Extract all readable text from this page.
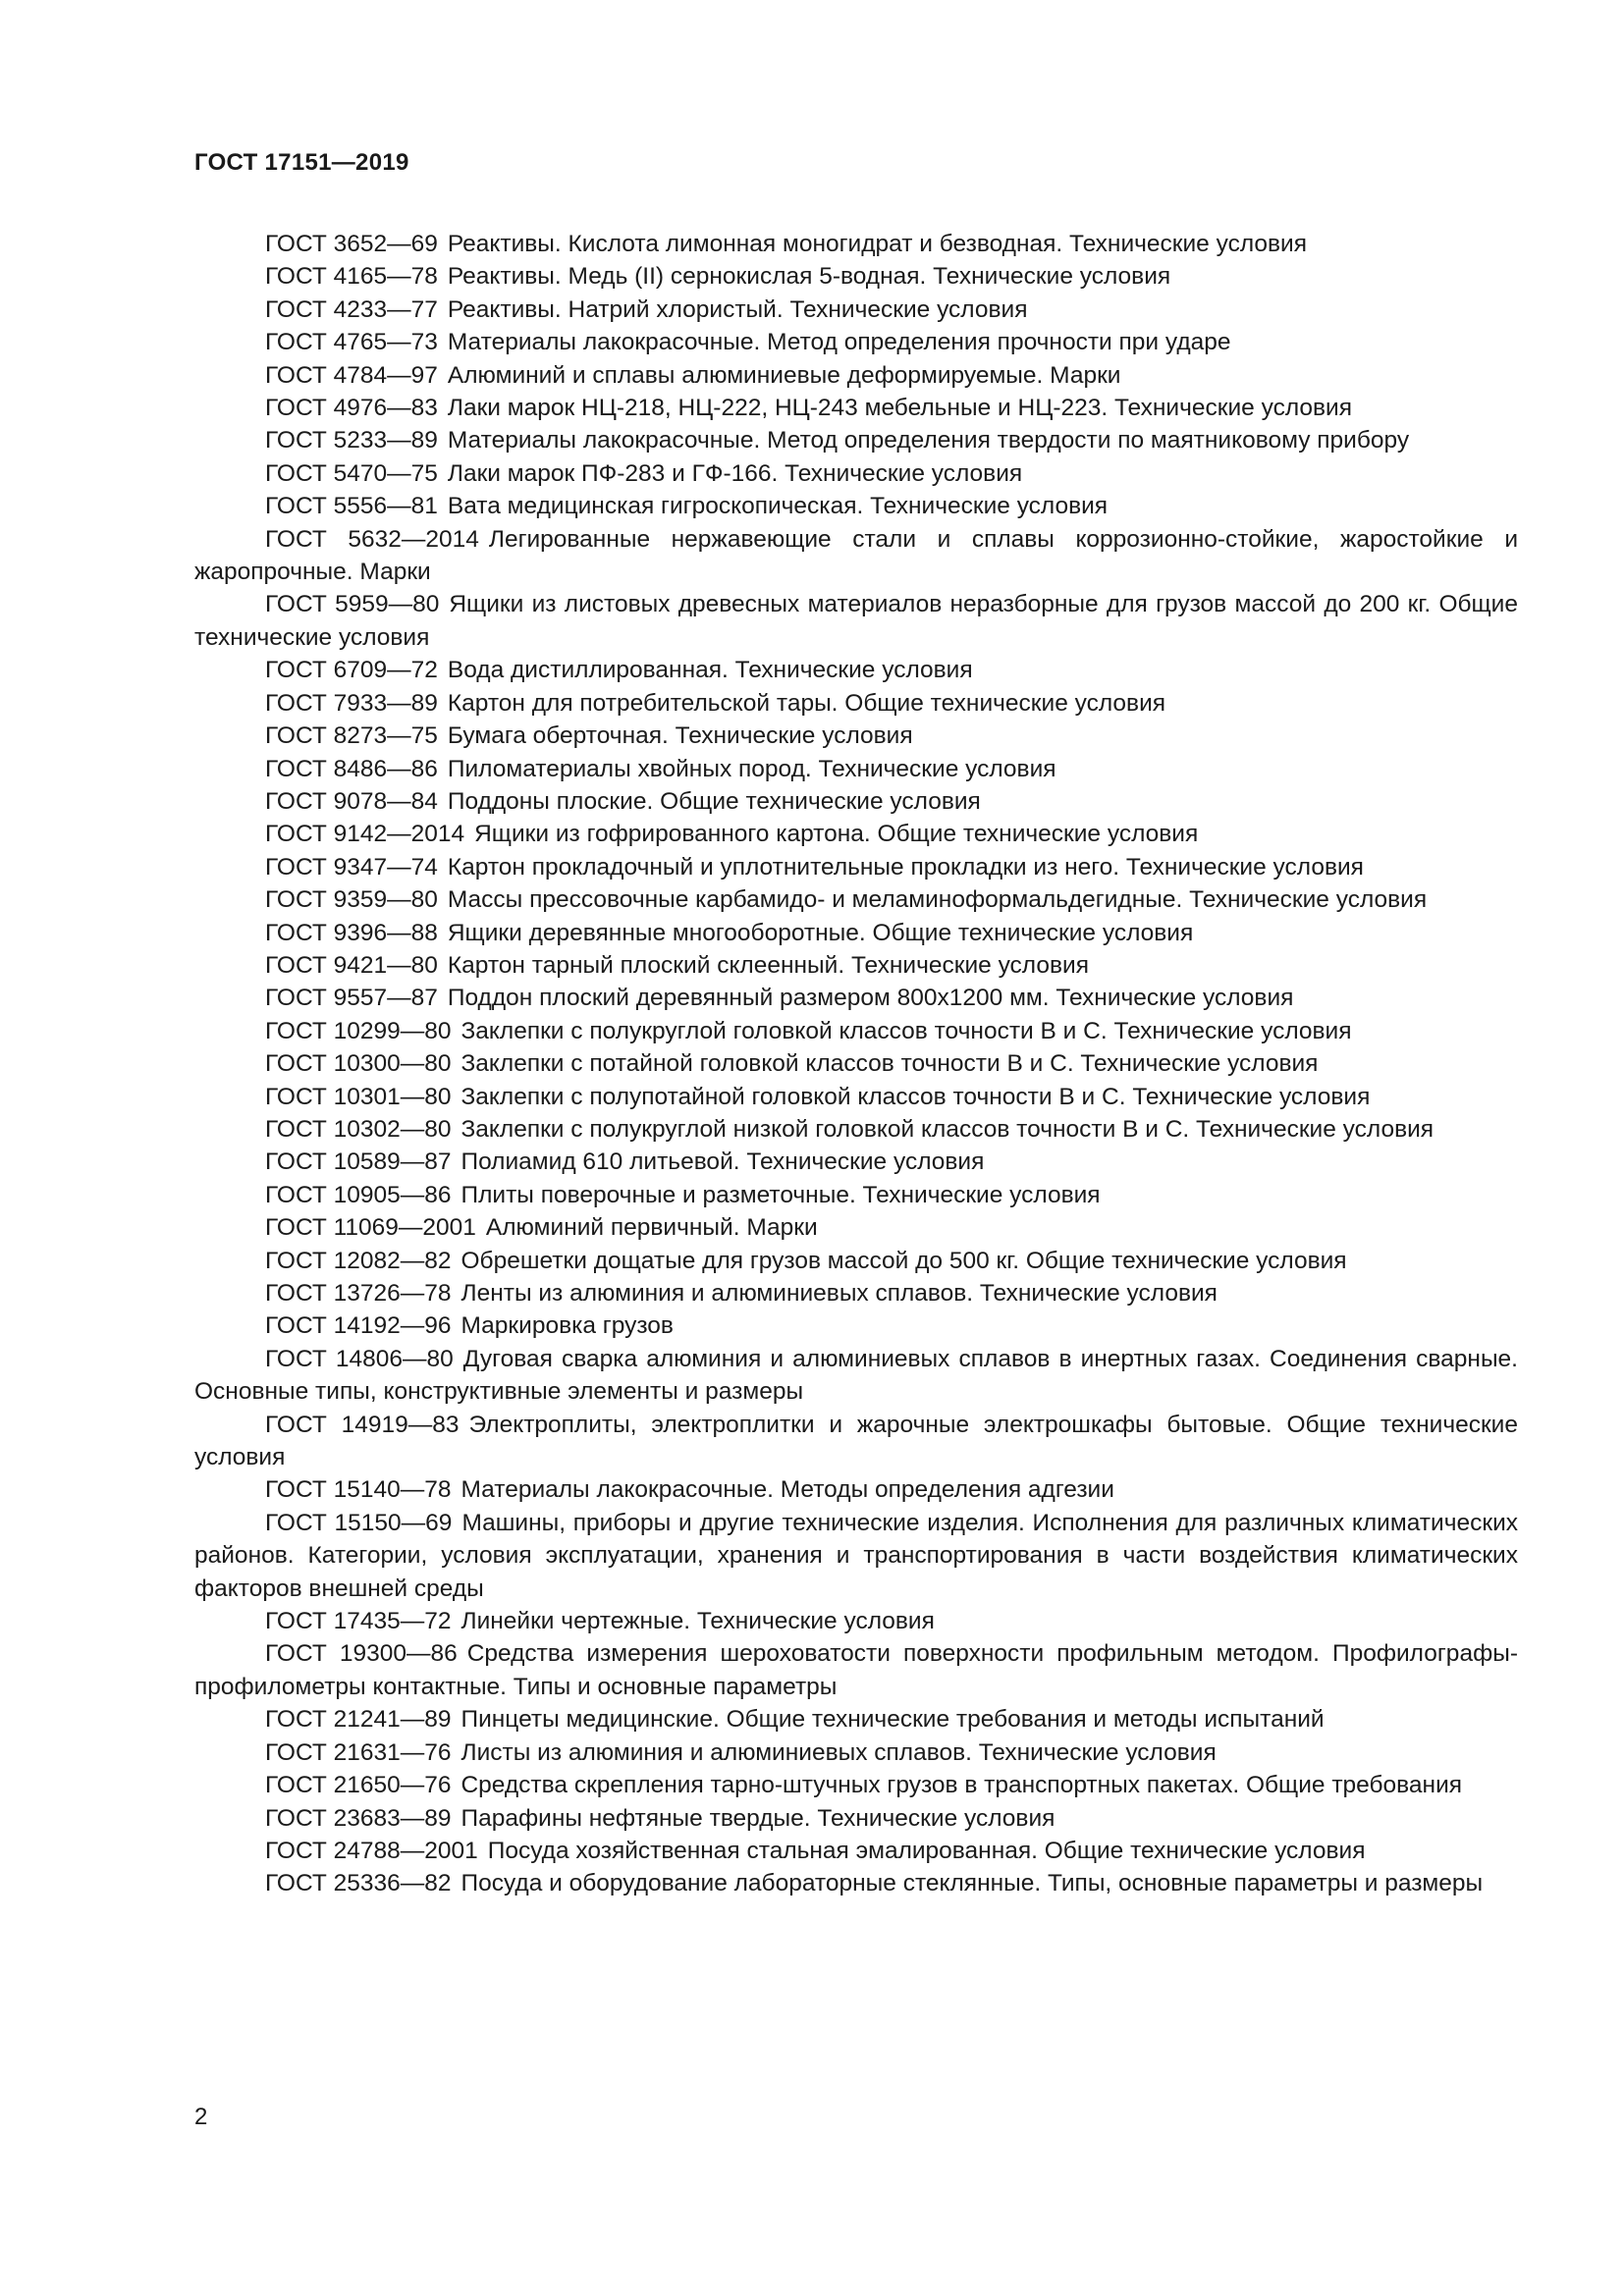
ГОСТ 17151—2019

ГОСТ 3652—69 Реактивы. Кислота лимонная моногидрат и безводная. Технические условия

ГОСТ 4165—78 Реактивы. Медь (II) сернокислая 5-водная. Технические условия

ГОСТ 4233—77 Реактивы. Натрий хлористый. Технические условия

ГОСТ 4765—73 Материалы лакокрасочные. Метод определения прочности при ударе

ГОСТ 4784—97 Алюминий и сплавы алюминиевые деформируемые. Марки

ГОСТ 4976—83 Лаки марок НЦ-218, НЦ-222, НЦ-243 мебельные и НЦ-223. Технические условия

ГОСТ 5233—89 Материалы лакокрасочные. Метод определения твердости по маятниковому прибору

ГОСТ 5470—75 Лаки марок ПФ-283 и ГФ-166. Технические условия

ГОСТ 5556—81 Вата медицинская гигроскопическая. Технические условия

ГОСТ 5632—2014 Легированные нержавеющие стали и сплавы коррозионно-стойкие, жаростойкие и жаропрочные. Марки

ГОСТ 5959—80 Ящики из листовых древесных материалов неразборные для грузов массой до 200 кг. Общие технические условия

ГОСТ 6709—72 Вода дистиллированная. Технические условия

ГОСТ 7933—89 Картон для потребительской тары. Общие технические условия

ГОСТ 8273—75 Бумага оберточная. Технические условия

ГОСТ 8486—86 Пиломатериалы хвойных пород. Технические условия

ГОСТ 9078—84 Поддоны плоские. Общие технические условия

ГОСТ 9142—2014 Ящики из гофрированного картона. Общие технические условия

ГОСТ 9347—74 Картон прокладочный и уплотнительные прокладки из него. Технические условия

ГОСТ 9359—80 Массы прессовочные карбамидо- и меламиноформальдегидные. Технические условия

ГОСТ 9396—88 Ящики деревянные многооборотные. Общие технические условия

ГОСТ 9421—80 Картон тарный плоский склеенный. Технические условия

ГОСТ 9557—87 Поддон плоский деревянный размером 800x1200 мм. Технические условия

ГОСТ 10299—80 Заклепки с полукруглой головкой классов точности В и С. Технические условия

ГОСТ 10300—80 Заклепки с потайной головкой классов точности В и С. Технические условия

ГОСТ 10301—80 Заклепки с полупотайной головкой классов точности В и С. Технические условия

ГОСТ 10302—80 Заклепки с полукруглой низкой головкой классов точности В и С. Технические условия

ГОСТ 10589—87 Полиамид 610 литьевой. Технические условия

ГОСТ 10905—86 Плиты поверочные и разметочные. Технические условия

ГОСТ 11069—2001 Алюминий первичный. Марки

ГОСТ 12082—82 Обрешетки дощатые для грузов массой до 500 кг. Общие технические условия

ГОСТ 13726—78 Ленты из алюминия и алюминиевых сплавов. Технические условия

ГОСТ 14192—96 Маркировка грузов

ГОСТ 14806—80 Дуговая сварка алюминия и алюминиевых сплавов в инертных газах. Соединения сварные. Основные типы, конструктивные элементы и размеры

ГОСТ 14919—83 Электроплиты, электроплитки и жарочные электрошкафы бытовые. Общие технические условия

ГОСТ 15140—78 Материалы лакокрасочные. Методы определения адгезии

ГОСТ 15150—69 Машины, приборы и другие технические изделия. Исполнения для различных климатических районов. Категории, условия эксплуатации, хранения и транспортирования в части воздействия климатических факторов внешней среды

ГОСТ 17435—72 Линейки чертежные. Технические условия

ГОСТ 19300—86 Средства измерения шероховатости поверхности профильным методом. Профилографы-профилометры контактные. Типы и основные параметры

ГОСТ 21241—89 Пинцеты медицинские. Общие технические требования и методы испытаний

ГОСТ 21631—76 Листы из алюминия и алюминиевых сплавов. Технические условия

ГОСТ 21650—76 Средства скрепления тарно-штучных грузов в транспортных пакетах. Общие требования

ГОСТ 23683—89 Парафины нефтяные твердые. Технические условия

ГОСТ 24788—2001 Посуда хозяйственная стальная эмалированная. Общие технические условия

ГОСТ 25336—82 Посуда и оборудование лабораторные стеклянные. Типы, основные параметры и размеры

2
